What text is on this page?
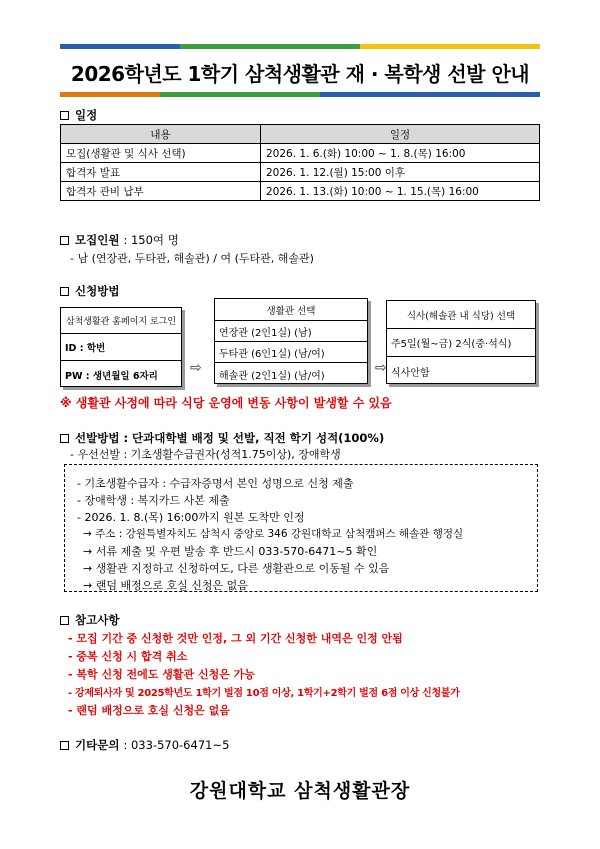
2026학년도 1학기 삼척생활관 재 · 복학생 선발 안내
일정
내용	일정
모집(생활관 및 식사 선택)	2026. 1. 6.(화) 10:00 ~ 1. 8.(목) 16:00
합격자 발표	2026. 1. 12.(월) 15:00 이후
합격자 관비 납부	2026. 1. 13.(화) 10:00 ~ 1. 15.(목) 16:00
모집인원 : 150여 명
- 남 (연장관, 두타관, 해솔관) / 여 (두타관, 해솔관)
신청방법
삼척생활관 홈페이지 로그인
ID : 학번
PW : 생년월일 6자리	⇨
생활관 선택
연장관 (2인1실) (남)
두타관 (6인1실) (남/여)
해솔관 (2인1실) (남/여)	⇨
식사(해솔관 내 식당) 선택
주5일(월~금) 2식(중·석식)
식사안함
※ 생활관 사정에 따라 식당 운영에 변동 사항이 발생할 수 있음
선발방법 : 단과대학별 배정 및 선발, 직전 학기 성적(100%)
- 우선선발 : 기초생활수급권자(성적1.75이상), 장애학생
- 기초생활수급자 : 수급자증명서 본인 성명으로 신청 제출
- 장애학생 : 복지카드 사본 제출
- 2026. 1. 8.(목) 16:00까지 원본 도착만 인정
→ 주소 : 강원특별자치도 삼척시 중앙로 346 강원대학교 삼척캠퍼스 해솔관 행정실
→ 서류 제출 및 우편 발송 후 반드시 033-570-6471~5 확인
→ 생활관 지정하고 신청하여도, 다른 생활관으로 이동될 수 있음
→ 랜덤 배정으로 호실 신청은 없음
참고사항
- 모집 기간 중 신청한 것만 인정, 그 외 기간 신청한 내역은 인정 안됨
- 중복 신청 시 합격 취소
- 복학 신청 전에도 생활관 신청은 가능
- 강제퇴사자 및 2025학년도 1학기 벌점 10점 이상, 1학기+2학기 벌점 6점 이상 신청불가
- 랜덤 배정으로 호실 신청은 없음
기타문의 : 033-570-6471~5
강원대학교 삼척생활관장
